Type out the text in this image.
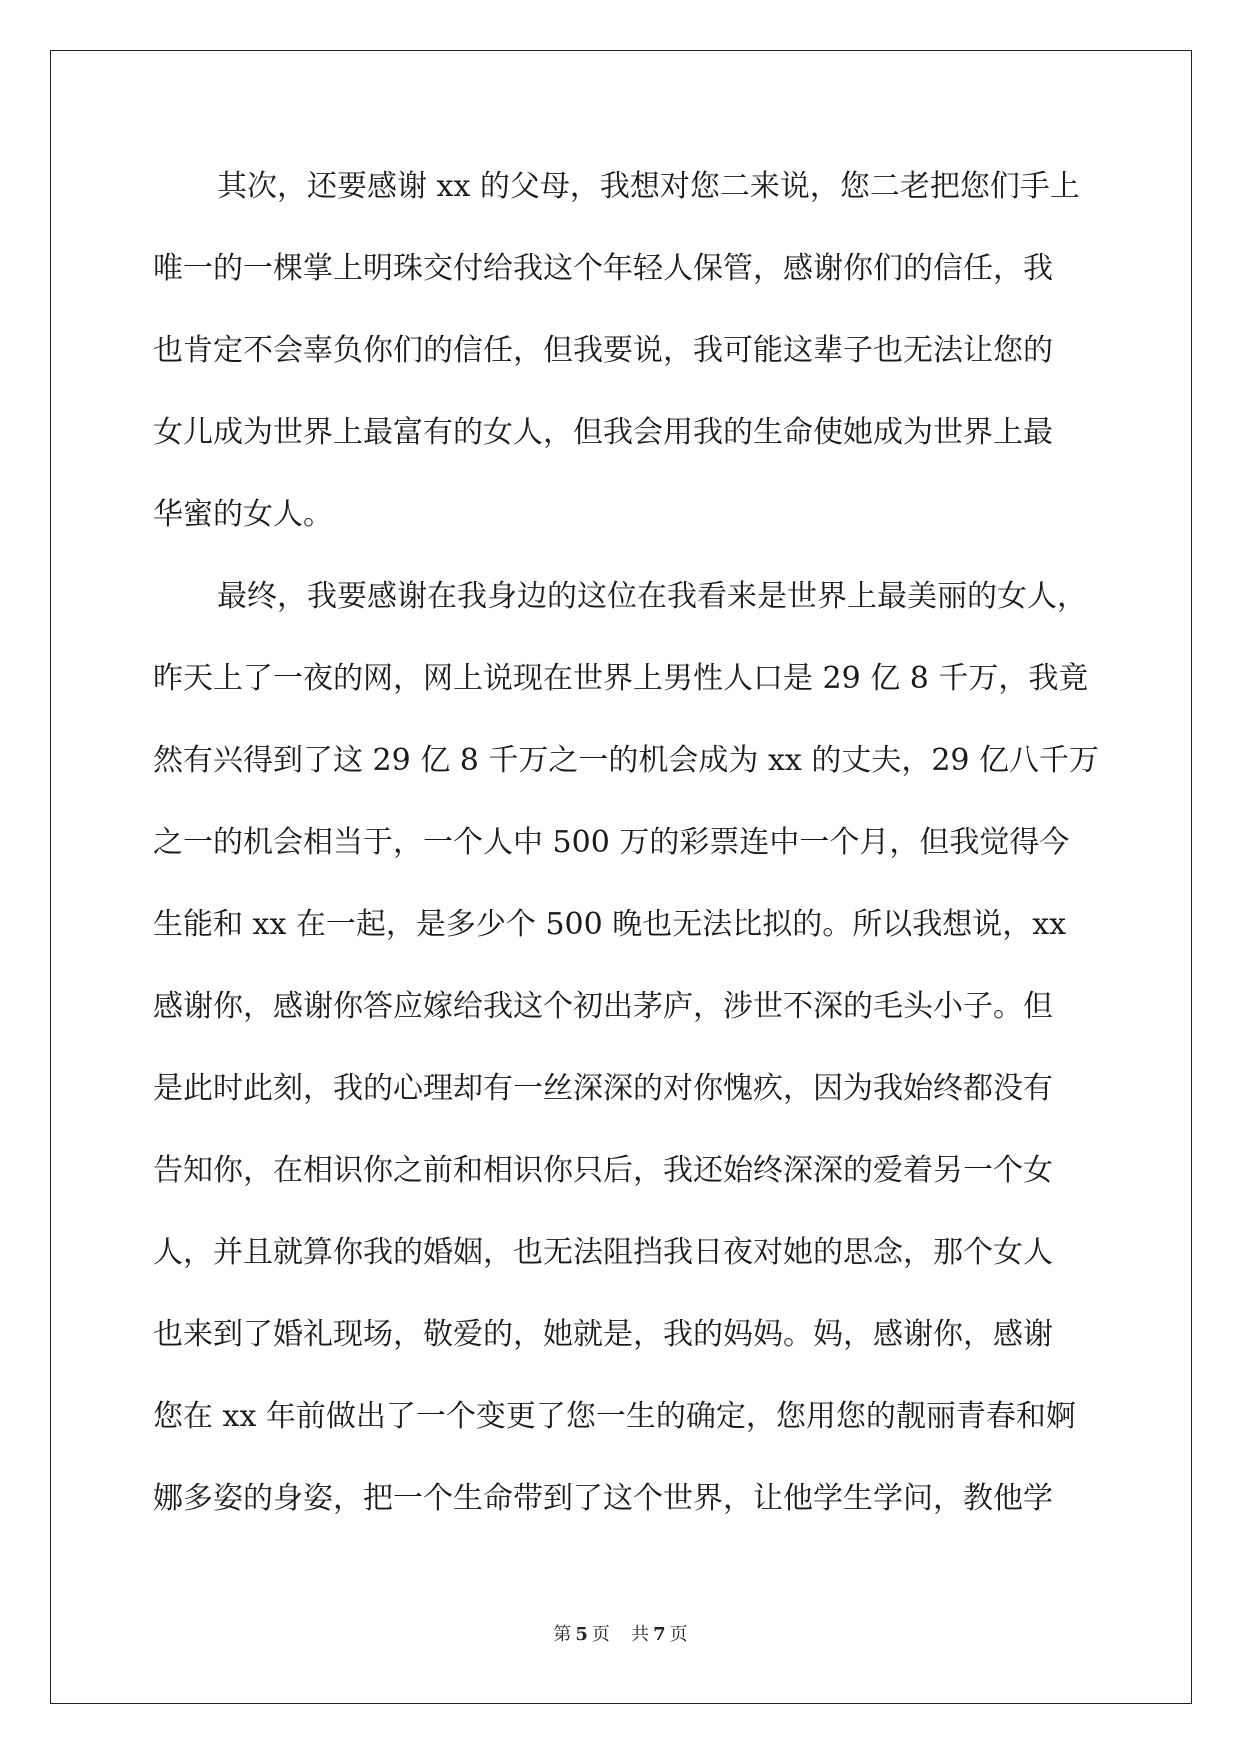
其次，还要感谢 xx 的父母，我想对您二来说，您二老把您们手上
唯一的一棵掌上明珠交付给我这个年轻人保管，感谢你们的信任，我
也肯定不会辜负你们的信任，但我要说，我可能这辈子也无法让您的
女儿成为世界上最富有的女人，但我会用我的生命使她成为世界上最
华蜜的女人。
最终，我要感谢在我身边的这位在我看来是世界上最美丽的女人，
昨天上了一夜的网，网上说现在世界上男性人口是 29 亿 8 千万，我竟
然有兴得到了这 29 亿 8 千万之一的机会成为 xx 的丈夫，29 亿八千万
之一的机会相当于，一个人中 500 万的彩票连中一个月，但我觉得今
生能和 xx 在一起，是多少个 500 晚也无法比拟的。所以我想说，xx
感谢你，感谢你答应嫁给我这个初出茅庐，涉世不深的毛头小子。但
是此时此刻，我的心理却有一丝深深的对你愧疚，因为我始终都没有
告知你，在相识你之前和相识你只后，我还始终深深的爱着另一个女
人，并且就算你我的婚姻，也无法阻挡我日夜对她的思念，那个女人
也来到了婚礼现场，敬爱的，她就是，我的妈妈。妈，感谢你，感谢
您在 xx 年前做出了一个变更了您一生的确定，您用您的靓丽青春和婀
娜多姿的身姿，把一个生命带到了这个世界，让他学生学问，教他学
第 5 页 共 7 页
